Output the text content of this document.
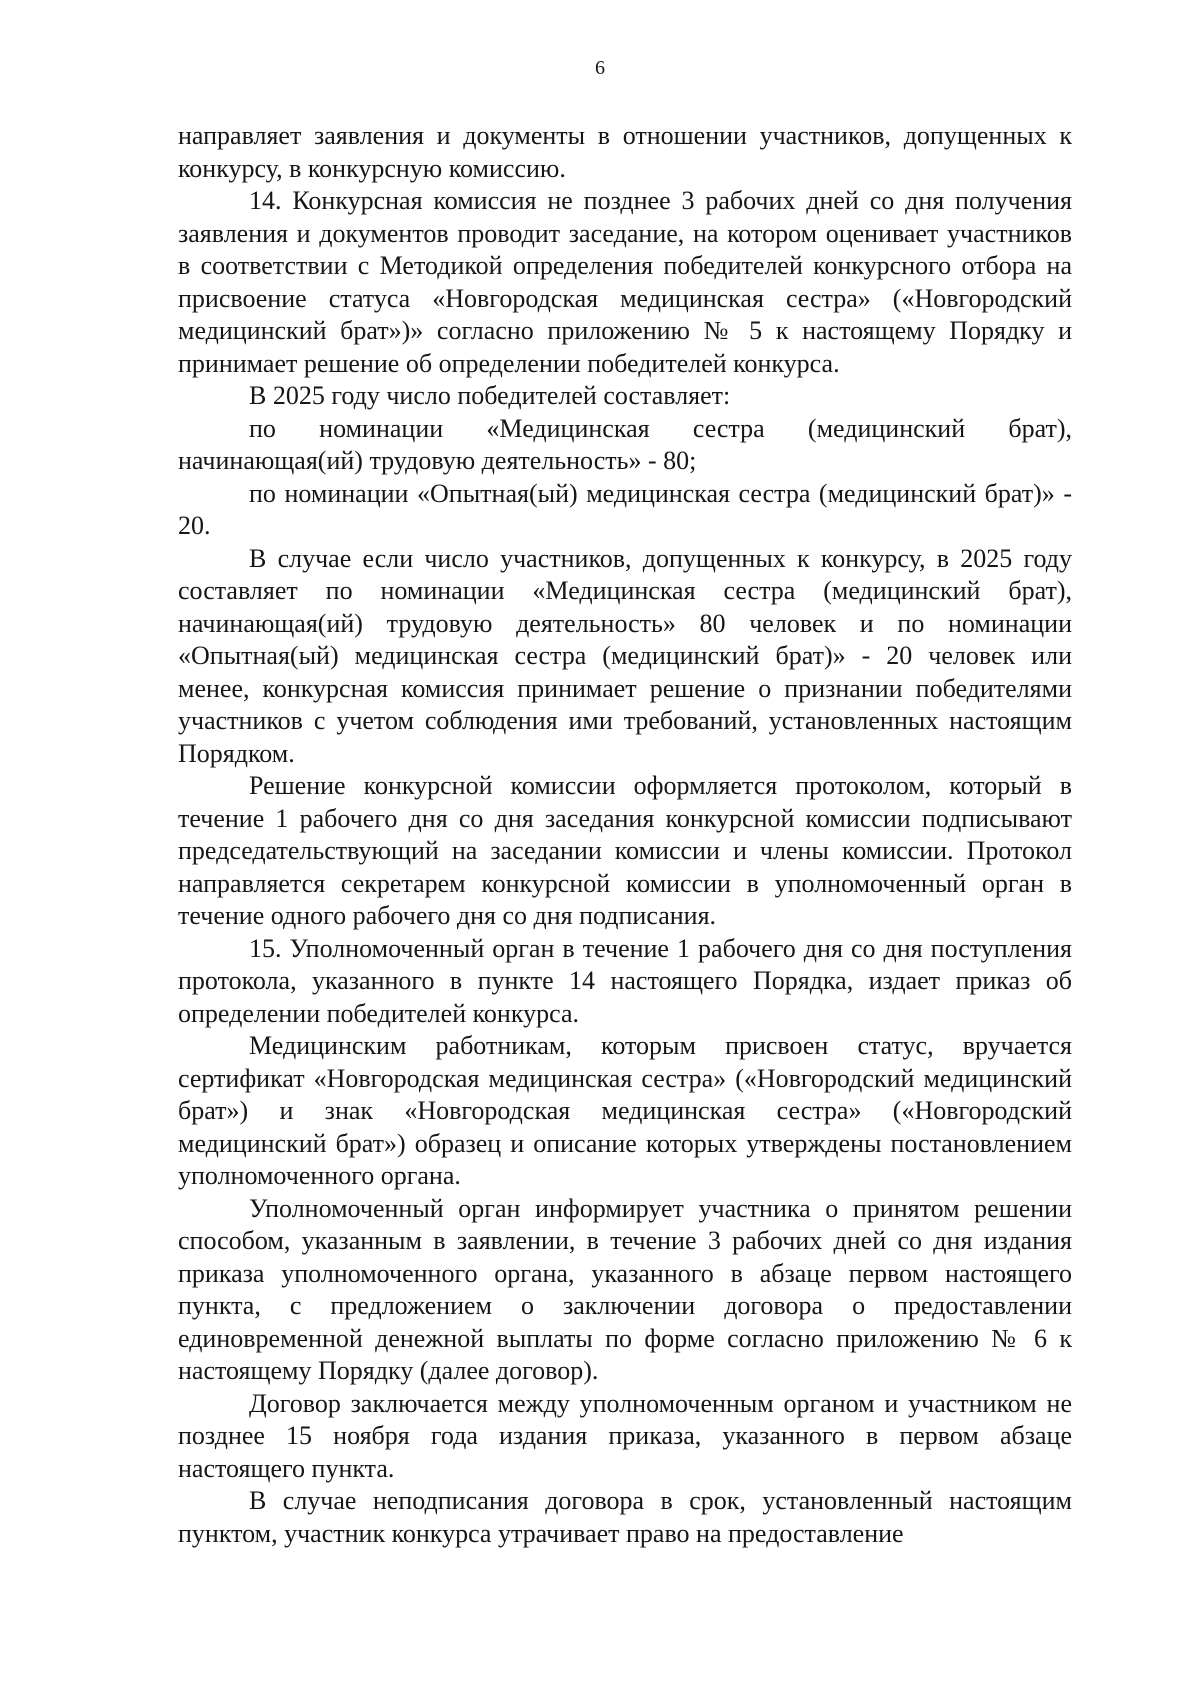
6

направляет заявления и документы в отношении участников, допущенных к конкурсу, в конкурсную комиссию.

14. Конкурсная комиссия не позднее 3 рабочих дней со дня получения заявления и документов проводит заседание, на котором оценивает участников в соответствии с Методикой определения победителей конкурсного отбора на присвоение статуса «Новгородская медицинская сестра» («Новгородский медицинский брат»)» согласно приложению № 5 к настоящему Порядку и принимает решение об определении победителей конкурса.

В 2025 году число победителей составляет:

по номинации «Медицинская сестра (медицинский брат), начинающая(ий) трудовую деятельность» - 80;

по номинации «Опытная(ый) медицинская сестра (медицинский брат)» - 20.

В случае если число участников, допущенных к конкурсу, в 2025 году составляет по номинации «Медицинская сестра (медицинский брат), начинающая(ий) трудовую деятельность» 80 человек и по номинации «Опытная(ый) медицинская сестра (медицинский брат)» - 20 человек или менее, конкурсная комиссия принимает решение о признании победителями участников с учетом соблюдения ими требований, установленных настоящим Порядком.

Решение конкурсной комиссии оформляется протоколом, который в течение 1 рабочего дня со дня заседания конкурсной комиссии подписывают председательствующий на заседании комиссии и члены комиссии. Протокол направляется секретарем конкурсной комиссии в уполномоченный орган в течение одного рабочего дня со дня подписания.

15. Уполномоченный орган в течение 1 рабочего дня со дня поступления протокола, указанного в пункте 14 настоящего Порядка, издает приказ об определении победителей конкурса.

Медицинским работникам, которым присвоен статус, вручается сертификат «Новгородская медицинская сестра» («Новгородский медицинский брат») и знак «Новгородская медицинская сестра» («Новгородский медицинский брат») образец и описание которых утверждены постановлением уполномоченного органа.

Уполномоченный орган информирует участника о принятом решении способом, указанным в заявлении, в течение 3 рабочих дней со дня издания приказа уполномоченного органа, указанного в абзаце первом настоящего пункта, с предложением о заключении договора о предоставлении единовременной денежной выплаты по форме согласно приложению № 6 к настоящему Порядку (далее договор).

Договор заключается между уполномоченным органом и участником не позднее 15 ноября года издания приказа, указанного в первом абзаце настоящего пункта.

В случае неподписания договора в срок, установленный настоящим пунктом, участник конкурса утрачивает право на предоставление
